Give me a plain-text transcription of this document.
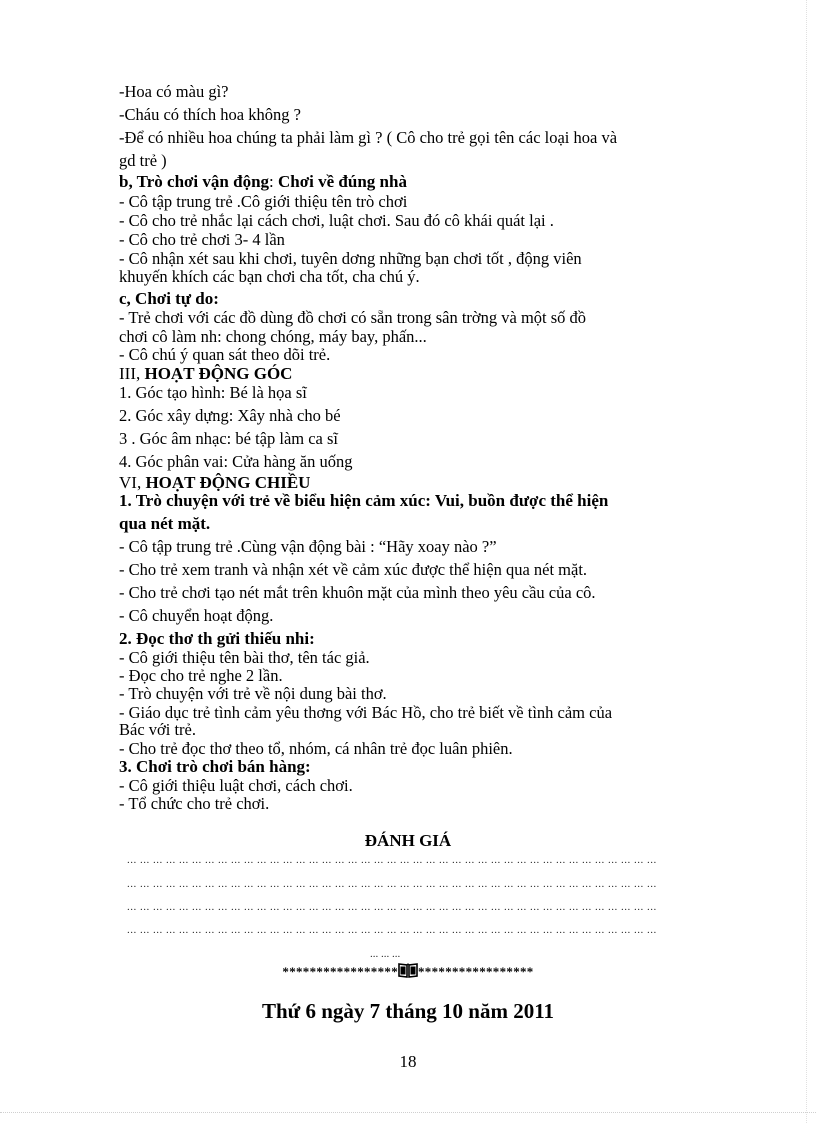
-Hoa có màu gì?
-Cháu có thích hoa không ?
-Để có nhiều hoa chúng ta phải làm gì ? ( Cô cho trẻ gọi tên các loại hoa và
gd trẻ )
b, Trò chơi vận động: Chơi về đúng nhà
- Cô tập trung trẻ .Cô giới thiệu tên trò chơi
- Cô cho trẻ nhắc lại cách chơi, luật chơi. Sau đó cô khái quát lại .
- Cô cho trẻ chơi 3- 4 lần
- Cô nhận xét sau khi chơi, tuyên dơng những bạn chơi tốt , động viên
khuyến khích các bạn chơi cha tốt, cha chú ý.
c, Chơi tự do:
- Trẻ chơi với các đồ dùng đồ chơi có sẵn trong sân trờng và một số đồ
chơi cô làm nh: chong chóng, máy bay, phấn...
- Cô chú ý quan sát theo dõi trẻ.
III, HOẠT ĐỘNG GÓC
1. Góc tạo hình: Bé là họa sĩ
2. Góc xây dựng: Xây nhà cho bé
3 . Góc âm nhạc: bé tập làm ca sĩ
4. Góc phân vai: Cửa hàng ăn uống
VI, HOẠT ĐỘNG CHIỀU
1. Trò chuyện với trẻ về biểu hiện cảm xúc: Vui, buồn được thể hiện
qua nét mặt.
- Cô tập trung trẻ .Cùng vận động bài : “Hãy xoay nào ?”
- Cho trẻ xem tranh và nhận xét về cảm xúc được thể hiện qua nét mặt.
- Cho trẻ chơi tạo nét mắt trên khuôn mặt của mình theo yêu cầu của cô.
- Cô chuyển hoạt động.
2. Đọc thơ th gửi thiếu nhi:
- Cô giới thiệu tên bài thơ, tên tác giả.
- Đọc cho trẻ nghe 2 lần.
- Trò chuyện với trẻ về nội dung bài thơ.
- Giáo dục trẻ tình cảm yêu thơng với Bác Hồ, cho trẻ biết về tình cảm của
Bác với trẻ.
- Cho trẻ đọc thơ theo tổ, nhóm, cá nhân trẻ đọc luân phiên.
3. Chơi trò chơi bán hàng:
- Cô giới thiệu luật chơi, cách chơi.
- Tổ chức cho trẻ chơi.
ĐÁNH GIÁ
... ... ... ... ... ... ... ... ... ... ... ... ... ... ... ... ... ... ... ... ... ... ... ... ... ... ... ... ... ... ... ... ... ... ... ... ... ... ... ... ...
... ... ... ... ... ... ... ... ... ... ... ... ... ... ... ... ... ... ... ... ... ... ... ... ... ... ... ... ... ... ... ... ... ... ... ... ... ... ... ... ...
... ... ... ... ... ... ... ... ... ... ... ... ... ... ... ... ... ... ... ... ... ... ... ... ... ... ... ... ... ... ... ... ... ... ... ... ... ... ... ... ...
... ... ... ... ... ... ... ... ... ... ... ... ... ... ... ... ... ... ... ... ... ... ... ... ... ... ... ... ... ... ... ... ... ... ... ... ... ... ... ... ...
... ... ...
***************** *****************
Thứ 6 ngày 7 tháng 10 năm 2011
18
